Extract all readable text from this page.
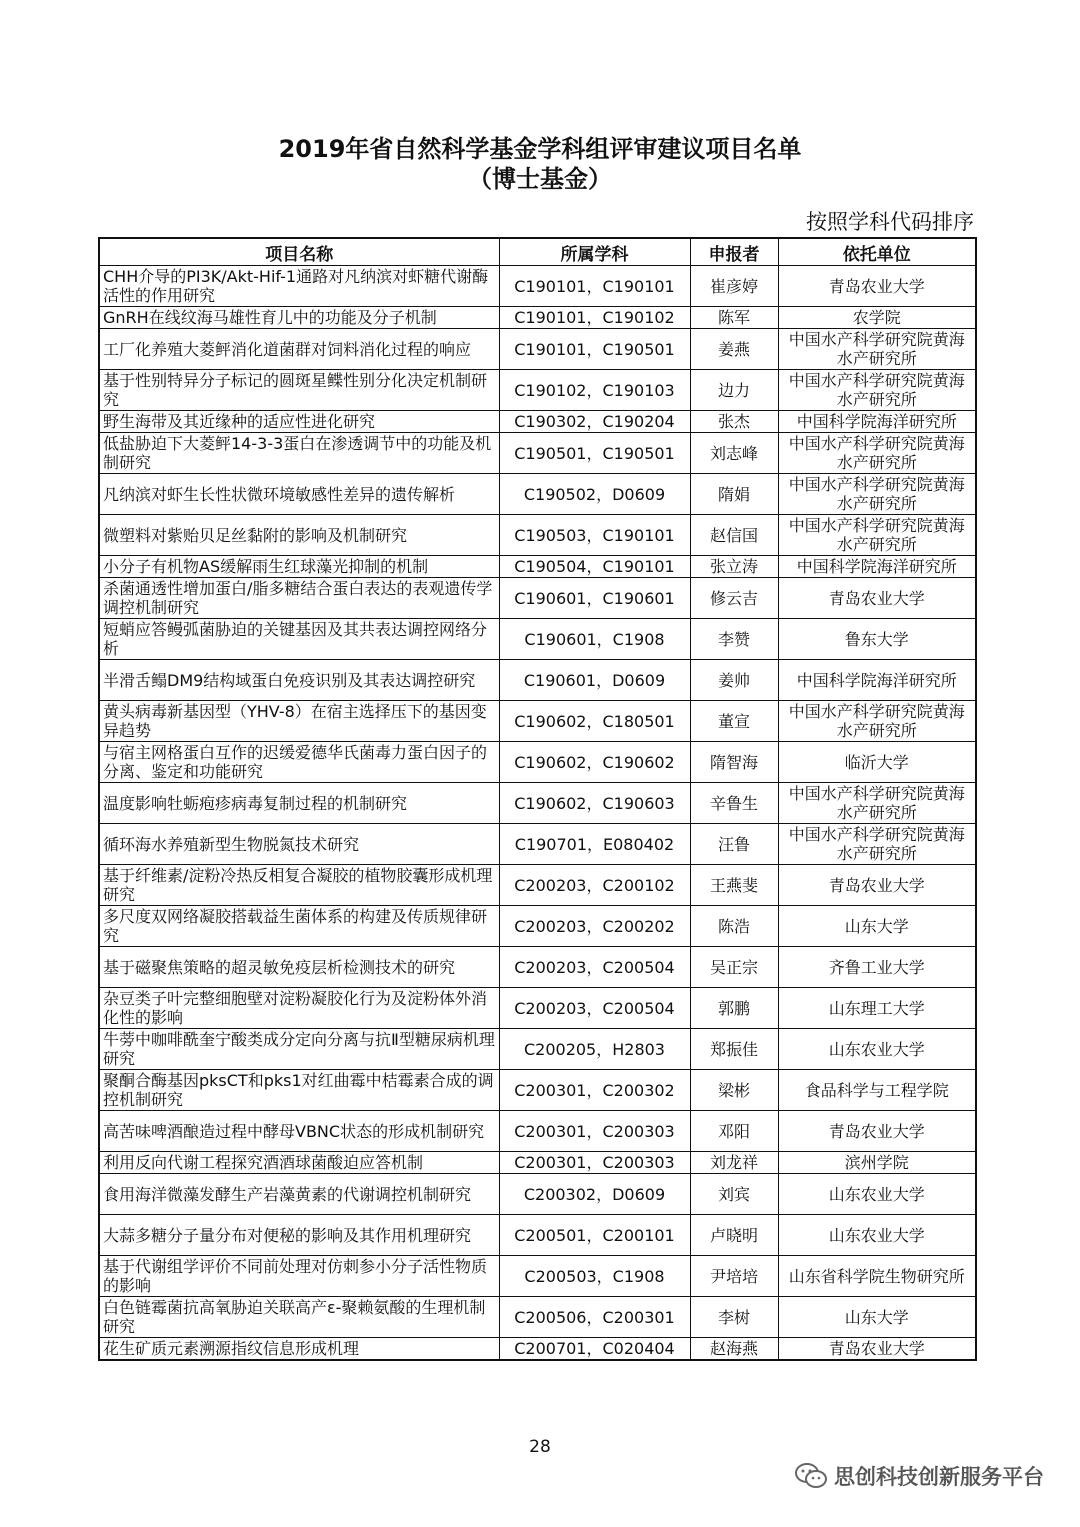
2019年省自然科学基金学科组评审建议项目名单
（博士基金）
按照学科代码排序
项目名称	所属学科	申报者	依托单位
CHH介导的PI3K/Akt-Hif-1通路对凡纳滨对虾糖代谢酶活性的作用研究	C190101，C190101	崔彦婷	青岛农业大学
GnRH在线纹海马雄性育儿中的功能及分子机制	C190101，C190102	陈军	农学院
工厂化养殖大菱鲆消化道菌群对饲料消化过程的响应	C190101，C190501	姜燕	中国水产科学研究院黄海水产研究所
基于性别特异分子标记的圆斑星鲽性别分化决定机制研究	C190102，C190103	边力	中国水产科学研究院黄海水产研究所
野生海带及其近缘种的适应性进化研究	C190302，C190204	张杰	中国科学院海洋研究所
低盐胁迫下大菱鲆14-3-3蛋白在渗透调节中的功能及机制研究	C190501，C190501	刘志峰	中国水产科学研究院黄海水产研究所
凡纳滨对虾生长性状微环境敏感性差异的遗传解析	C190502，D0609	隋娟	中国水产科学研究院黄海水产研究所
微塑料对紫贻贝足丝黏附的影响及机制研究	C190503，C190101	赵信国	中国水产科学研究院黄海水产研究所
小分子有机物AS缓解雨生红球藻光抑制的机制	C190504，C190101	张立涛	中国科学院海洋研究所
杀菌通透性增加蛋白/脂多糖结合蛋白表达的表观遗传学调控机制研究	C190601，C190601	修云吉	青岛农业大学
短蛸应答鳗弧菌胁迫的关键基因及其共表达调控网络分析	C190601，C1908	李赞	鲁东大学
半滑舌鳎DM9结构域蛋白免疫识别及其表达调控研究	C190601，D0609	姜帅	中国科学院海洋研究所
黄头病毒新基因型（YHV-8）在宿主选择压下的基因变异趋势	C190602，C180501	董宣	中国水产科学研究院黄海水产研究所
与宿主网格蛋白互作的迟缓爱德华氏菌毒力蛋白因子的分离、鉴定和功能研究	C190602，C190602	隋智海	临沂大学
温度影响牡蛎疱疹病毒复制过程的机制研究	C190602，C190603	辛鲁生	中国水产科学研究院黄海水产研究所
循环海水养殖新型生物脱氮技术研究	C190701，E080402	汪鲁	中国水产科学研究院黄海水产研究所
基于纤维素/淀粉冷热反相复合凝胶的植物胶囊形成机理研究	C200203，C200102	王燕斐	青岛农业大学
多尺度双网络凝胶搭载益生菌体系的构建及传质规律研究	C200203，C200202	陈浩	山东大学
基于磁聚焦策略的超灵敏免疫层析检测技术的研究	C200203，C200504	吴正宗	齐鲁工业大学
杂豆类子叶完整细胞壁对淀粉凝胶化行为及淀粉体外消化性的影响	C200203，C200504	郭鹏	山东理工大学
牛蒡中咖啡酰奎宁酸类成分定向分离与抗Ⅱ型糖尿病机理研究	C200205，H2803	郑振佳	山东农业大学
聚酮合酶基因pksCT和pks1对红曲霉中桔霉素合成的调控机制研究	C200301，C200302	梁彬	食品科学与工程学院
高苦味啤酒酿造过程中酵母VBNC状态的形成机制研究	C200301，C200303	邓阳	青岛农业大学
利用反向代谢工程探究酒酒球菌酸迫应答机制	C200301，C200303	刘龙祥	滨州学院
食用海洋微藻发酵生产岩藻黄素的代谢调控机制研究	C200302，D0609	刘宾	山东农业大学
大蒜多糖分子量分布对便秘的影响及其作用机理研究	C200501，C200101	卢晓明	山东农业大学
基于代谢组学评价不同前处理对仿刺参小分子活性物质的影响	C200503，C1908	尹培培	山东省科学院生物研究所
白色链霉菌抗高氧胁迫关联高产ε-聚赖氨酸的生理机制研究	C200506，C200301	李树	山东大学
花生矿质元素溯源指纹信息形成机理	C200701，C020404	赵海燕	青岛农业大学
28
思创科技创新服务平台
